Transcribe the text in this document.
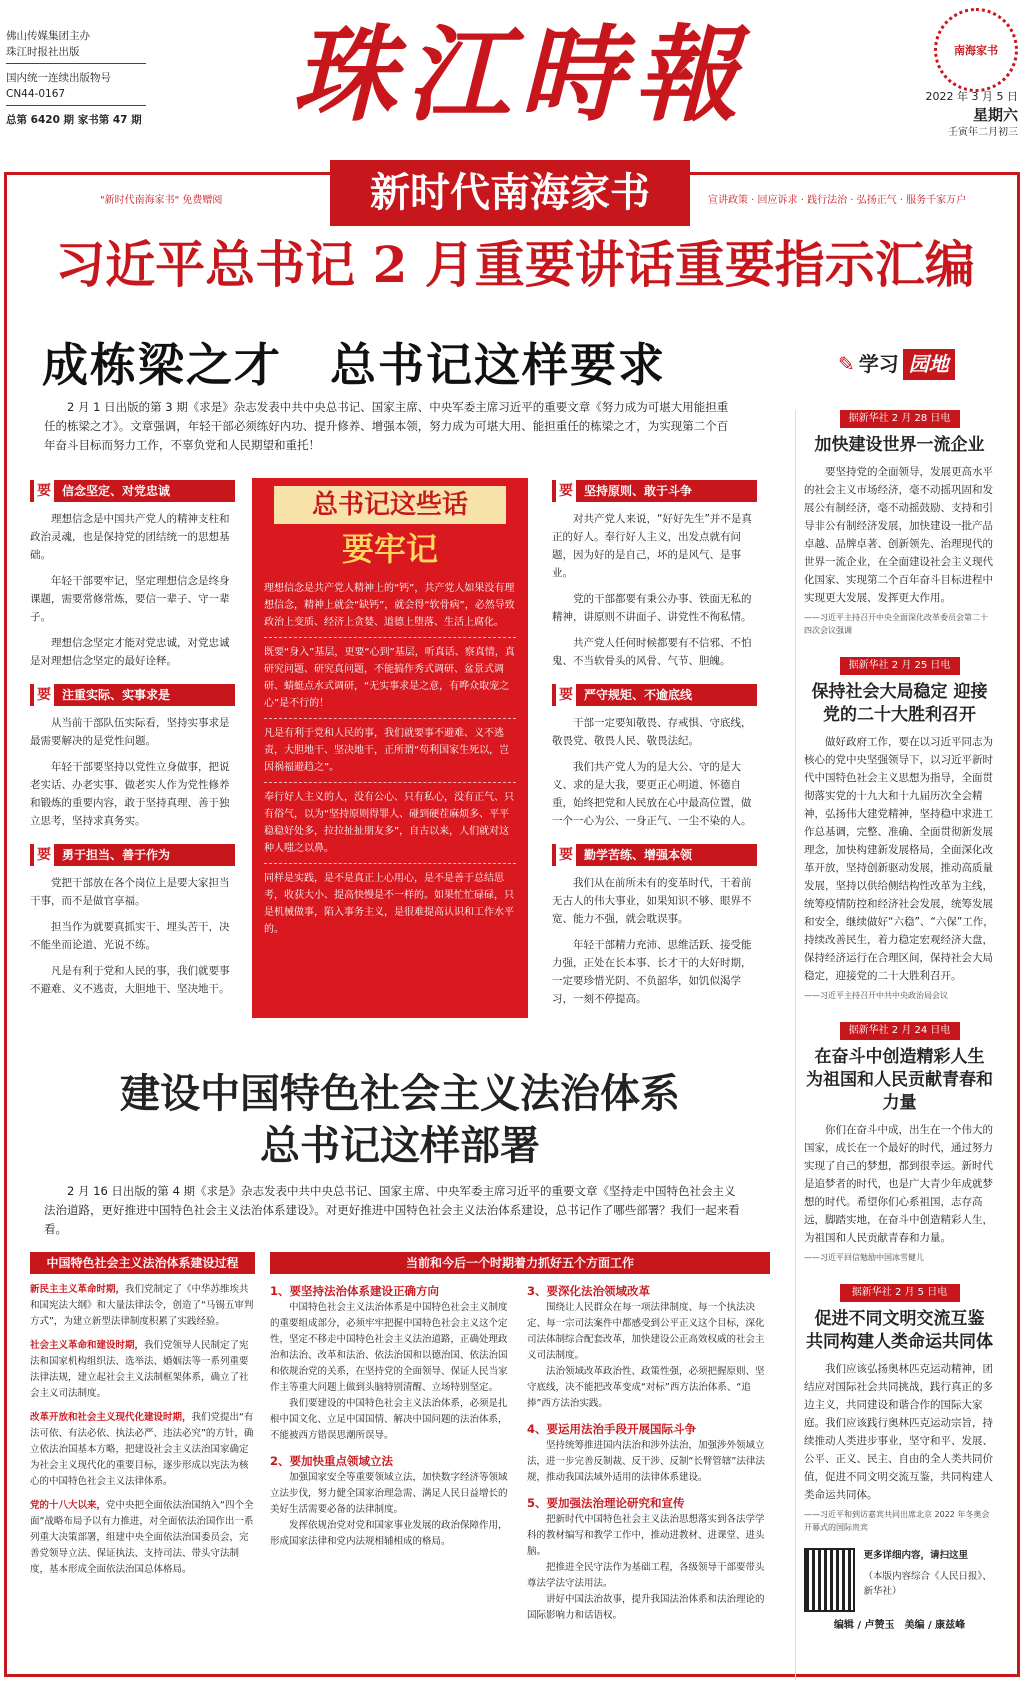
佛山传媒集团主办
珠江时报社出版
国内统一连续出版物号
CN44-0167
总第 6420 期 家书第 47 期	珠江時報	南海家书
2022 年 3 月 5 日
星期六
壬寅年二月初三
"新时代南海家书" 免费赠阅	新时代南海家书	宣讲政策 · 回应诉求 · 践行法治 · 弘扬正气 · 服务千家万户
习近平总书记 2 月重要讲话重要指示汇编
成栋梁之才　总书记这样要求	✎ 学习 园地
2 月 1 日出版的第 3 期《求是》杂志发表中共中央总书记、国家主席、中央军委主席习近平的重要文章《努力成为可堪大用能担重任的栋梁之才》。文章强调，年轻干部必须练好内功、提升修养、增强本领，努力成为可堪大用、能担重任的栋梁之才，为实现第二个百年奋斗目标而努力工作，不辜负党和人民期望和重托！
要 信念坚定、对党忠诚
理想信念是中国共产党人的精神支柱和政治灵魂，也是保持党的团结统一的思想基础。
年轻干部要牢记，坚定理想信念是终身课题，需要常修常炼，要信一辈子、守一辈子。
理想信念坚定才能对党忠诚，对党忠诚是对理想信念坚定的最好诠释。
要 注重实际、实事求是
从当前干部队伍实际看，坚持实事求是最需要解决的是党性问题。
年轻干部要坚持以党性立身做事，把说老实话、办老实事、做老实人作为党性修养和锻炼的重要内容，敢于坚持真理、善于独立思考，坚持求真务实。
要 勇于担当、善于作为
党把干部放在各个岗位上是要大家担当干事，而不是做官享福。
担当作为就要真抓实干、埋头苦干，决不能坐而论道、光说不练。
凡是有利于党和人民的事，我们就要事不避难、义不逃责，大胆地干、坚决地干。
总书记这些话
要牢记
理想信念是共产党人精神上的“钙”，共产党人如果没有理想信念，精神上就会“缺钙”，就会得“软骨病”，必然导致政治上变质、经济上贪婪、道德上堕落、生活上腐化。
既要“身入”基层，更要“心到”基层，听真话、察真情，真研究问题、研究真问题，不能搞作秀式调研、盆景式调研、蜻蜓点水式调研，“无实事求是之意，有哗众取宠之心”是不行的！
凡是有利于党和人民的事，我们就要事不避难、义不逃责，大胆地干、坚决地干，正所谓“苟利国家生死以，岂因祸福避趋之”。
奉行好人主义的人，没有公心、只有私心，没有正气、只有俗气，以为“坚持原则得罪人、碰到硬茬麻烦多、平平稳稳好处多，拉拉扯扯朋友多”，自古以来，人们就对这种人嗤之以鼻。
同样是实践，是不是真正上心用心，是不是善于总结思考，收获大小、提高快慢是不一样的。如果忙忙碌碌，只是机械做事，陷入事务主义，是很难提高认识和工作水平的。
要 坚持原则、敢于斗争
对共产党人来说，“好好先生”并不是真正的好人。奉行好人主义，出发点就有问题，因为好的是自己，坏的是风气、是事业。
党的干部都要有秉公办事、铁面无私的精神，讲原则不讲面子、讲党性不徇私情。
共产党人任何时候都要有不信邪、不怕鬼、不当软骨头的风骨、气节、胆魄。
要 严守规矩、不逾底线
干部一定要知敬畏、存戒惧、守底线，敬畏党、敬畏人民、敬畏法纪。
我们共产党人为的是大公、守的是大义、求的是大我，要更正心明道、怀德自重，始终把党和人民放在心中最高位置，做一个一心为公、一身正气、一尘不染的人。
要 勤学苦练、增强本领
我们从在前所未有的变革时代，干着前无古人的伟大事业，如果知识不够、眼界不宽、能力不强，就会耽误事。
年轻干部精力充沛、思维活跃、接受能力强，正处在长本事、长才干的大好时期，一定要珍惜光阴、不负韶华，如饥似渴学习，一刻不停提高。
据新华社 2 月 28 日电
加快建设世界一流企业
要坚持党的全面领导，发展更高水平的社会主义市场经济，毫不动摇巩固和发展公有制经济，毫不动摇鼓励、支持和引导非公有制经济发展，加快建设一批产品卓越、品牌卓著、创新领先、治理现代的世界一流企业，在全面建设社会主义现代化国家、实现第二个百年奋斗目标进程中实现更大发展、发挥更大作用。
——习近平主持召开中央全面深化改革委员会第二十四次会议强调
据新华社 2 月 25 日电
保持社会大局稳定 迎接党的二十大胜利召开
做好政府工作，要在以习近平同志为核心的党中央坚强领导下，以习近平新时代中国特色社会主义思想为指导，全面贯彻落实党的十九大和十九届历次全会精神，弘扬伟大建党精神，坚持稳中求进工作总基调，完整、准确、全面贯彻新发展理念，加快构建新发展格局，全面深化改革开放，坚持创新驱动发展，推动高质量发展，坚持以供给侧结构性改革为主线，统筹疫情防控和经济社会发展，统筹发展和安全，继续做好“六稳”、“六保”工作，持续改善民生，着力稳定宏观经济大盘，保持经济运行在合理区间，保持社会大局稳定，迎接党的二十大胜利召开。
——习近平主持召开中共中央政治局会议
据新华社 2 月 24 日电
在奋斗中创造精彩人生 为祖国和人民贡献青春和力量
你们在奋斗中成，出生在一个伟大的国家，成长在一个最好的时代，通过努力实现了自己的梦想，都到很幸运。新时代是追梦者的时代，也是广大青少年成就梦想的时代。希望你们心系祖国，志存高远，脚踏实地，在奋斗中创造精彩人生，为祖国和人民贡献青春和力量。
——习近平回信勉励中国冰雪健儿
据新华社 2 月 5 日电
促进不同文明交流互鉴 共同构建人类命运共同体
我们应该弘扬奥林匹克运动精神，团结应对国际社会共同挑战，践行真正的多边主义，共同建设和谐合作的国际大家庭。我们应该践行奥林匹克运动宗旨，持续推动人类进步事业，坚守和平、发展、公平、正义、民主、自由的全人类共同价值，促进不同文明交流互鉴，共同构建人类命运共同体。
——习近平和到访嘉宾共同出席北京 2022 年冬奥会开幕式的国际贵宾
更多详细内容，请扫这里
（本版内容综合《人民日报》、新华社）
编辑 / 卢赞玉　美编 / 康兹峰
建设中国特色社会主义法治体系
总书记这样部署
2 月 16 日出版的第 4 期《求是》杂志发表中共中央总书记、国家主席、中央军委主席习近平的重要文章《坚持走中国特色社会主义法治道路，更好推进中国特色社会主义法治体系建设》。对更好推进中国特色社会主义法治体系建设，总书记作了哪些部署？我们一起来看看。
中国特色社会主义法治体系建设过程
新民主主义革命时期，我们党制定了《中华苏维埃共和国宪法大纲》和大量法律法令，创造了“马锡五审判方式”，为建立新型法律制度积累了实践经验。
社会主义革命和建设时期，我们党领导人民制定了宪法和国家机构组织法、选举法、婚姻法等一系列重要法律法规，建立起社会主义法制框架体系，确立了社会主义司法制度。
改革开放和社会主义现代化建设时期，我们党提出“有法可依、有法必依、执法必严、违法必究”的方针，确立依法治国基本方略，把建设社会主义法治国家确定为社会主义现代化的重要目标，逐步形成以宪法为核心的中国特色社会主义法律体系。
党的十八大以来，党中央把全面依法治国纳入“四个全面”战略布局予以有力推进，对全面依法治国作出一系列重大决策部署，组建中央全面依法治国委员会，完善党领导立法、保证执法、支持司法、带头守法制度，基本形成全面依法治国总体格局。
当前和今后一个时期着力抓好五个方面工作
1、要坚持法治体系建设正确方向
中国特色社会主义法治体系是中国特色社会主义制度的重要组成部分，必须牢牢把握中国特色社会主义这个定性，坚定不移走中国特色社会主义法治道路，正确处理政治和法治、改革和法治、依法治国和以德治国、依法治国和依规治党的关系，在坚持党的全面领导、保证人民当家作主等重大问题上做到头脑特别清醒、立场特别坚定。
我们要建设的中国特色社会主义法治体系，必须是扎根中国文化、立足中国国情、解决中国问题的法治体系，不能被西方错误思潮所误导。
2、要加快重点领域立法
加强国家安全等重要领域立法，加快数字经济等领域立法步伐，努力健全国家治理急需、满足人民日益增长的美好生活需要必备的法律制度。
发挥依规治党对党和国家事业发展的政治保障作用，形成国家法律和党内法规相辅相成的格局。
3、要深化法治领域改革
围绕让人民群众在每一项法律制度、每一个执法决定、每一宗司法案件中都感受到公平正义这个目标，深化司法体制综合配套改革，加快建设公正高效权威的社会主义司法制度。
法治领域改革政治性、政策性强，必须把握原则、坚守底线，决不能把改革变成“对标”西方法治体系、“追捧”西方法治实践。
4、要运用法治手段开展国际斗争
坚持统筹推进国内法治和涉外法治，加强涉外领域立法，进一步完善反制裁、反干涉、反制“长臂管辖”法律法规，推动我国法域外适用的法律体系建设。
5、要加强法治理论研究和宣传
把新时代中国特色社会主义法治思想落实到各法学学科的教材编写和教学工作中，推动进教材、进课堂、进头脑。
把推进全民守法作为基础工程，各级领导干部要带头尊法学法守法用法。
讲好中国法治故事，提升我国法治体系和法治理论的国际影响力和话语权。
